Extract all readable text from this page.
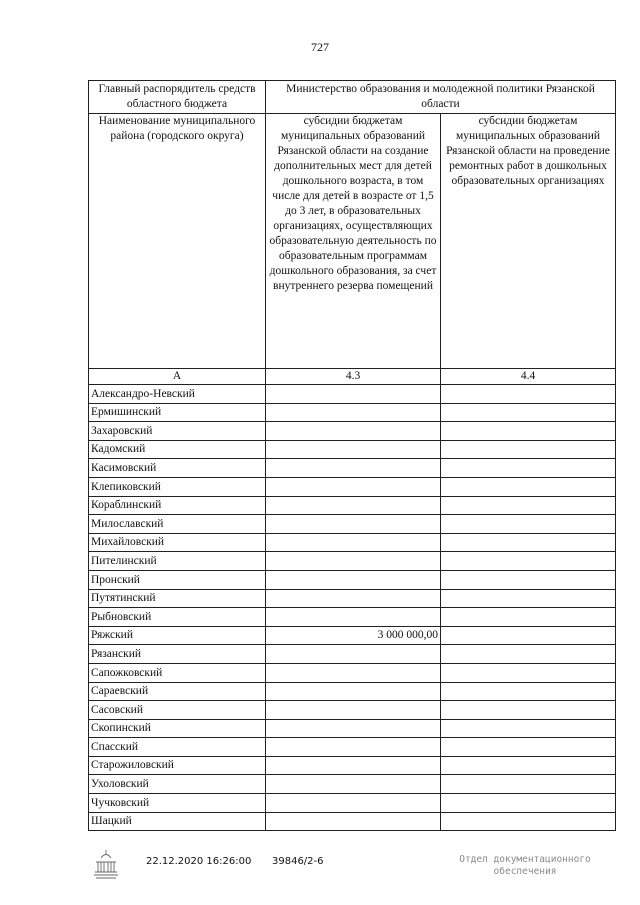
727
Главный распорядитель средств областного бюджета	Министерство образования и молодежной политики Рязанской области	
Наименование муниципального района (городского округа)	субсидии бюджетам муниципальных образований Рязанской области на создание дополнительных мест для детей дошкольного возраста, в том числе для детей в возрасте от 1,5 до 3 лет, в образовательных организациях, осуществляющих образовательную деятельность по образовательным программам дошкольного образования, за счет внутреннего резерва помещений	субсидии бюджетам муниципальных образований Рязанской области на проведение ремонтных работ в дошкольных образовательных организациях
А	4.3	4.4
Александро-Невский		
Ермишинский		
Захаровский		
Кадомский		
Касимовский		
Клепиковский		
Кораблинский		
Милославский		
Михайловский		
Пителинский		
Пронский		
Путятинский		
Рыбновский		
Ряжский	3 000 000,00	
Рязанский		
Сапожковский		
Сараевский		
Сасовский		
Скопинский		
Спасский		
Старожиловский		
Ухоловский		
Чучковский		
Шацкий		
22.12.2020 16:26:00 39846/2-6	Отдел документационного
обеспечения
